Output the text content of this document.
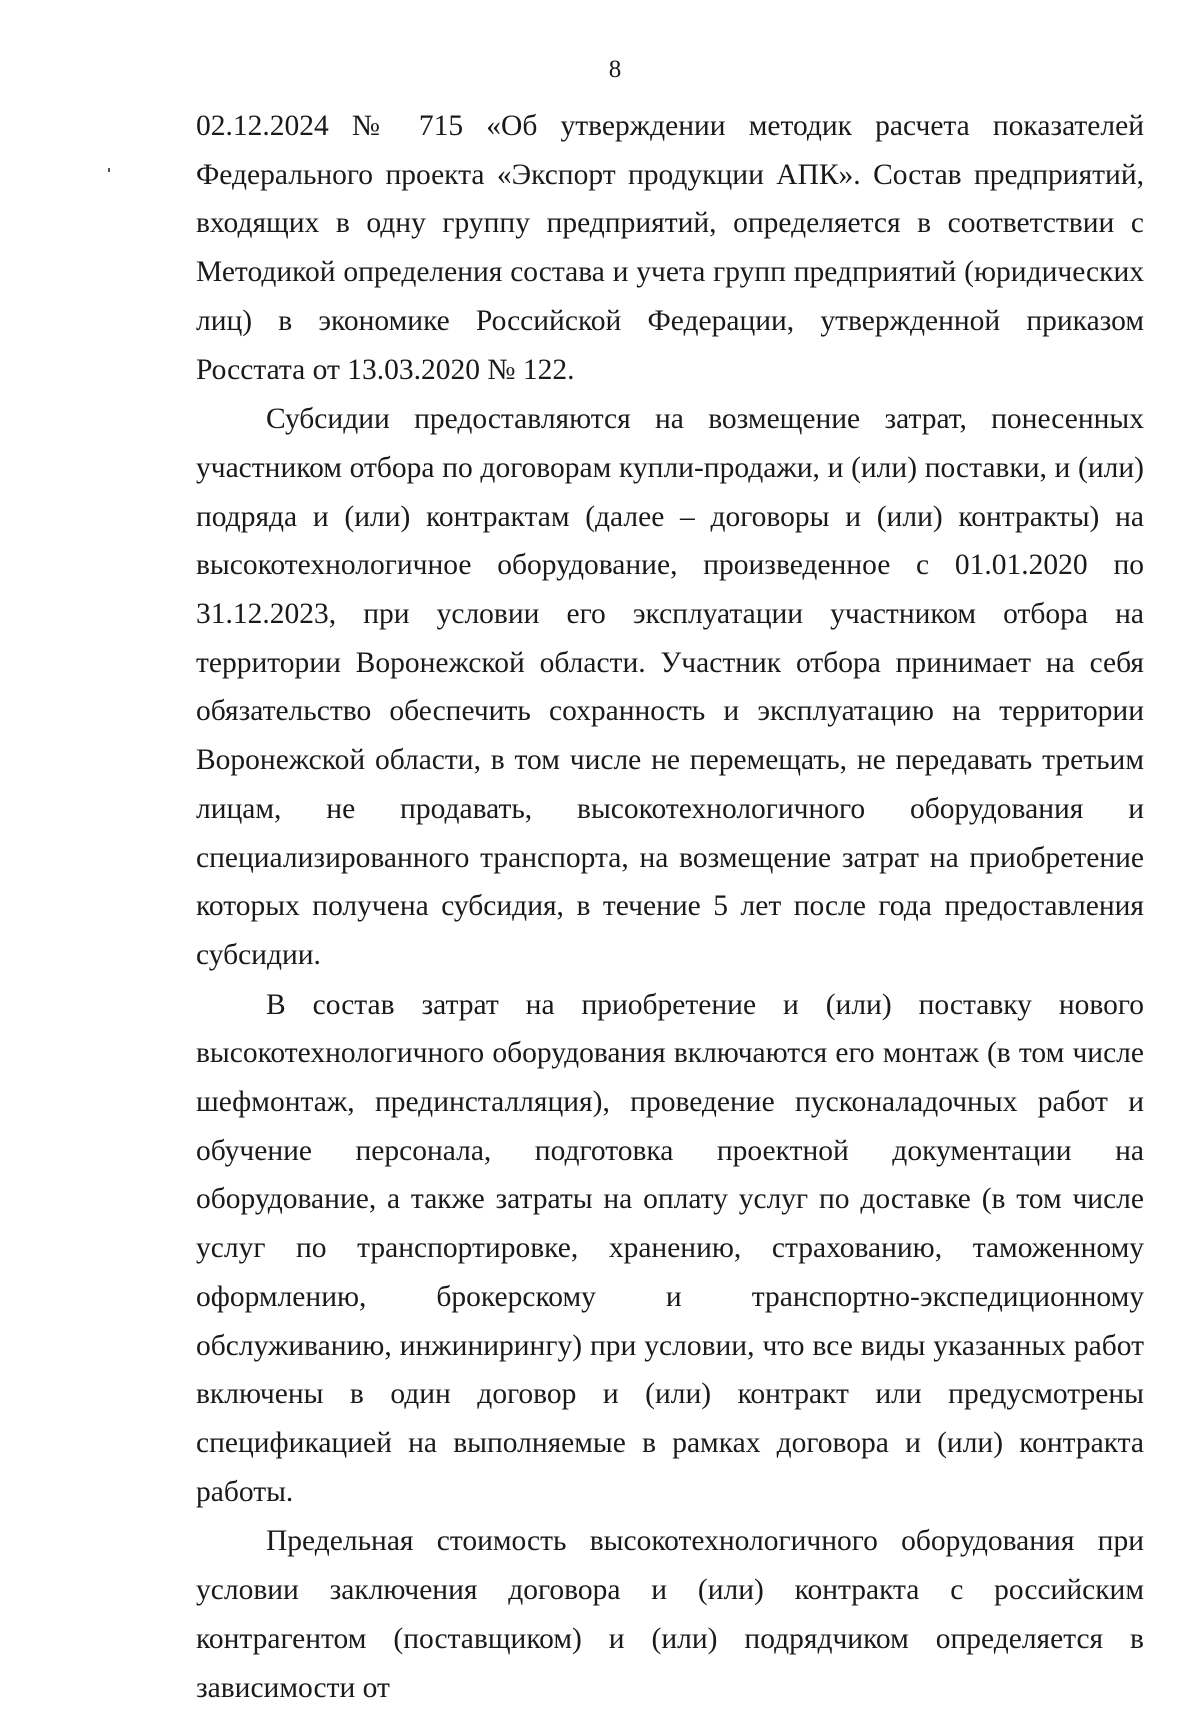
8

02.12.2024 № 715 «Об утверждении методик расчета показателей Федерального проекта «Экспорт продукции АПК». Состав предприятий, входящих в одну группу предприятий, определяется в соответствии с Методикой определения состава и учета групп предприятий (юридических лиц) в экономике Российской Федерации, утвержденной приказом Росстата от 13.03.2020 № 122.

Субсидии предоставляются на возмещение затрат, понесенных участником отбора по договорам купли-продажи, и (или) поставки, и (или) подряда и (или) контрактам (далее – договоры и (или) контракты) на высокотехнологичное оборудование, произведенное с 01.01.2020 по 31.12.2023, при условии его эксплуатации участником отбора на территории Воронежской области. Участник отбора принимает на себя обязательство обеспечить сохранность и эксплуатацию на территории Воронежской области, в том числе не перемещать, не передавать третьим лицам, не продавать, высокотехнологичного оборудования и специализированного транспорта, на возмещение затрат на приобретение которых получена субсидия, в течение 5 лет после года предоставления субсидии.

В состав затрат на приобретение и (или) поставку нового высокотехнологичного оборудования включаются его монтаж (в том числе шефмонтаж, прединсталляция), проведение пусконаладочных работ и обучение персонала, подготовка проектной документации на оборудование, а также затраты на оплату услуг по доставке (в том числе услуг по транспортировке, хранению, страхованию, таможенному оформлению, брокерскому и транспортно-экспедиционному обслуживанию, инжинирингу) при условии, что все виды указанных работ включены в один договор и (или) контракт или предусмотрены спецификацией на выполняемые в рамках договора и (или) контракта работы.

Предельная стоимость высокотехнологичного оборудования при условии заключения договора и (или) контракта с российским контрагентом (поставщиком) и (или) подрядчиком определяется в зависимости от
